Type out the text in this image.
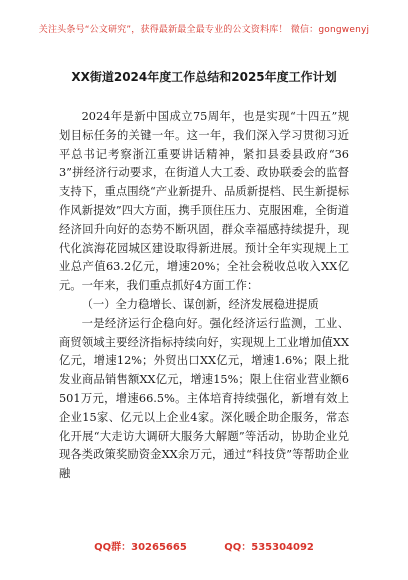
关注头条号“公文研究”，获得最新最全最专业的公文资料库！ 微信：gongwenyj
XX街道2024年度工作总结和2025年度工作计划

2024年是新中国成立75周年，也是实现“十四五”规划目标任务的关键一年。这一年，我们深入学习贯彻习近平总书记考察浙江重要讲话精神，紧扣县委县政府“363”拼经济行动要求，在街道人大工委、政协联委会的监督支持下，重点围绕“产业新提升、品质新提档、民生新提标作风新提效”四大方面，携手顶住压力、克服困难，全街道经济回升向好的态势不断巩固，群众幸福感持续提升，现代化滨海花园城区建设取得新进展。预计全年实现规上工业总产值63.2亿元，增速20%；全社会税收总收入XX亿元。一年来，我们重点抓好4方面工作：

（一）全力稳增长、谋创新，经济发展稳进提质

一是经济运行企稳向好。强化经济运行监测，工业、商贸领域主要经济指标持续向好，实现规上工业增加值XX亿元，增速12%；外贸出口XX亿元，增速1.6%；限上批发业商品销售额XX亿元，增速15%；限上住宿业营业额6501万元，增速66.5%。主体培育持续强化，新增有效上企业15家、亿元以上企业4家。深化暖企助企服务，常态化开展“大走访大调研大服务大解题”等活动，协助企业兑现各类政策奖励资金XX余万元，通过“科技贷”等帮助企业融

QQ群：30265665	QQ：535304092
